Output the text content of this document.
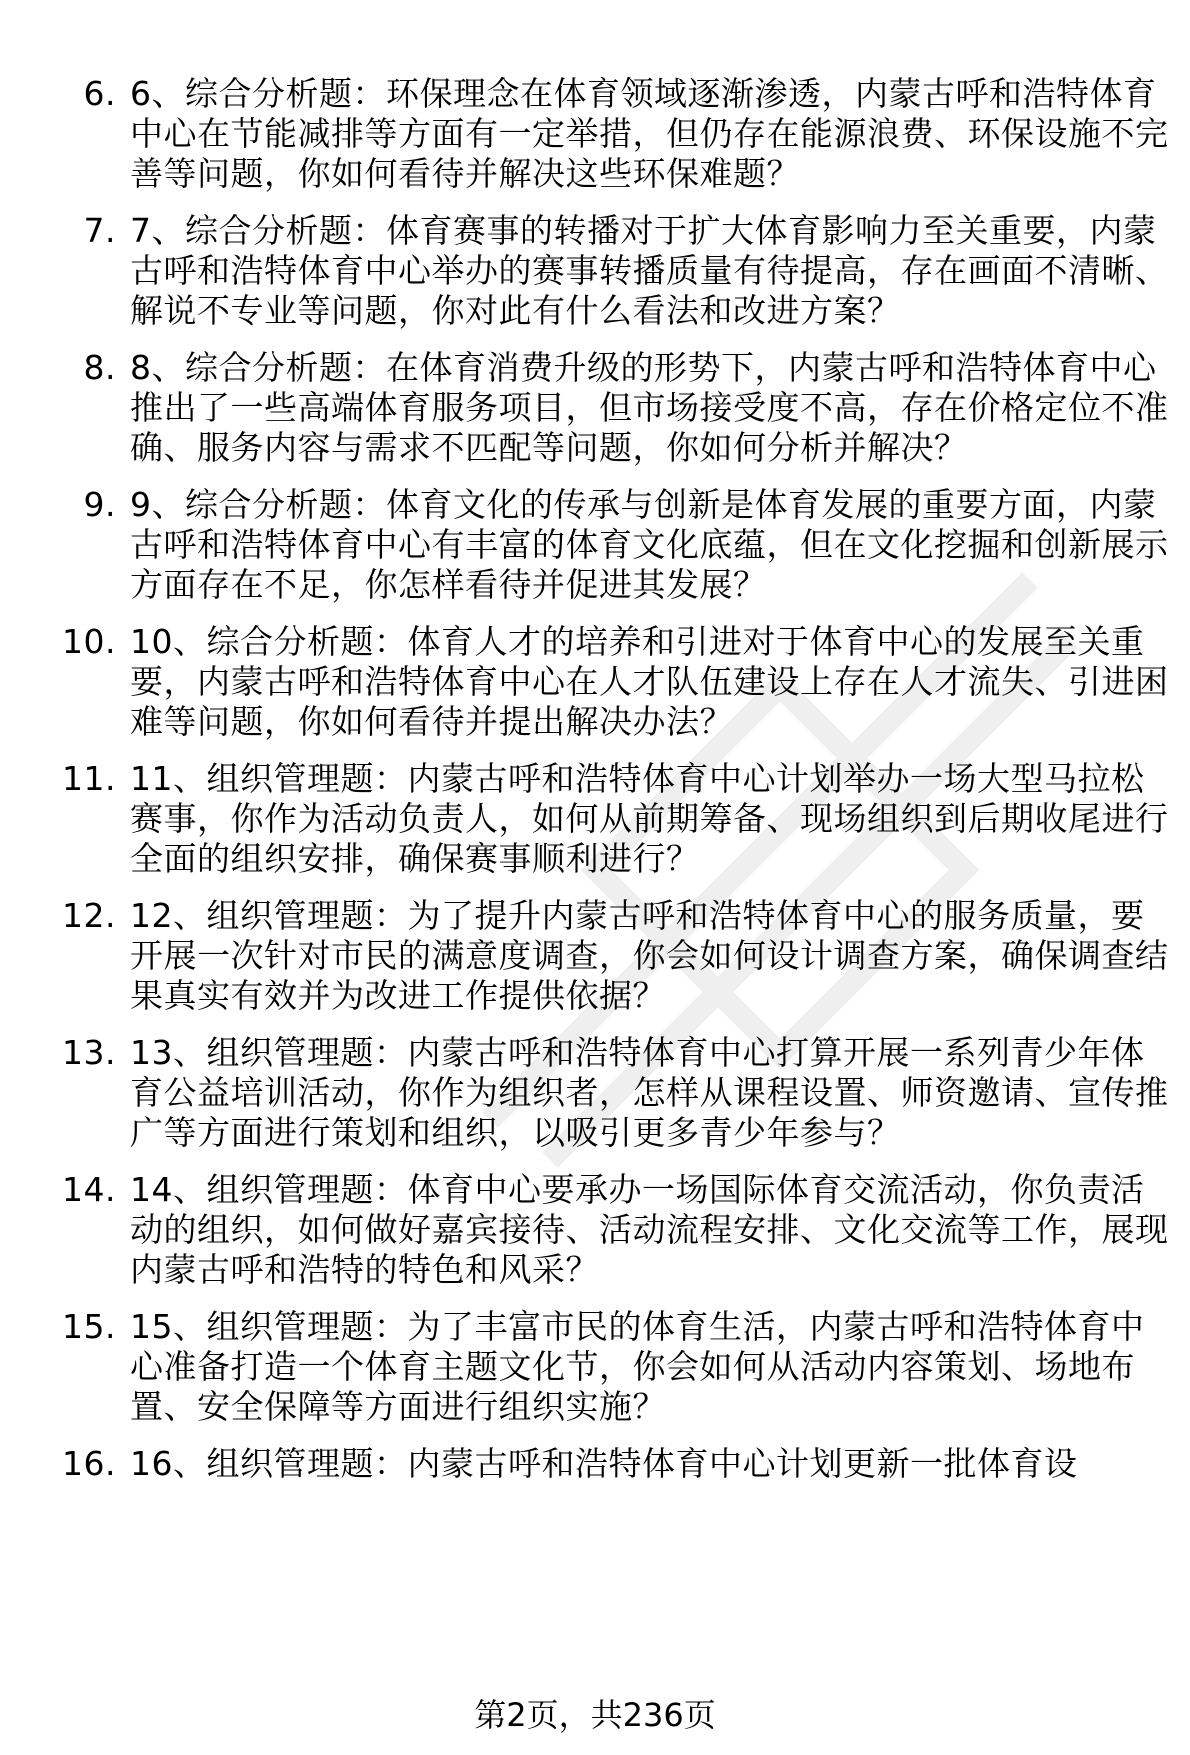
6. 6、综合分析题：环保理念在体育领域逐渐渗透，内蒙古呼和浩特体育中心在节能减排等方面有一定举措，但仍存在能源浪费、环保设施不完善等问题，你如何看待并解决这些环保难题？
7. 7、综合分析题：体育赛事的转播对于扩大体育影响力至关重要，内蒙古呼和浩特体育中心举办的赛事转播质量有待提高，存在画面不清晰、解说不专业等问题，你对此有什么看法和改进方案？
8. 8、综合分析题：在体育消费升级的形势下，内蒙古呼和浩特体育中心推出了一些高端体育服务项目，但市场接受度不高，存在价格定位不准确、服务内容与需求不匹配等问题，你如何分析并解决？
9. 9、综合分析题：体育文化的传承与创新是体育发展的重要方面，内蒙古呼和浩特体育中心有丰富的体育文化底蕴，但在文化挖掘和创新展示方面存在不足，你怎样看待并促进其发展？
10. 10、综合分析题：体育人才的培养和引进对于体育中心的发展至关重要，内蒙古呼和浩特体育中心在人才队伍建设上存在人才流失、引进困难等问题，你如何看待并提出解决办法？
11. 11、组织管理题：内蒙古呼和浩特体育中心计划举办一场大型马拉松赛事，你作为活动负责人，如何从前期筹备、现场组织到后期收尾进行全面的组织安排，确保赛事顺利进行？
12. 12、组织管理题：为了提升内蒙古呼和浩特体育中心的服务质量，要开展一次针对市民的满意度调查，你会如何设计调查方案，确保调查结果真实有效并为改进工作提供依据？
13. 13、组织管理题：内蒙古呼和浩特体育中心打算开展一系列青少年体育公益培训活动，你作为组织者，怎样从课程设置、师资邀请、宣传推广等方面进行策划和组织，以吸引更多青少年参与？
14. 14、组织管理题：体育中心要承办一场国际体育交流活动，你负责活动的组织，如何做好嘉宾接待、活动流程安排、文化交流等工作，展现内蒙古呼和浩特的特色和风采？
15. 15、组织管理题：为了丰富市民的体育生活，内蒙古呼和浩特体育中心准备打造一个体育主题文化节，你会如何从活动内容策划、场地布置、安全保障等方面进行组织实施？
16. 16、组织管理题：内蒙古呼和浩特体育中心计划更新一批体育设
第2页，共236页
